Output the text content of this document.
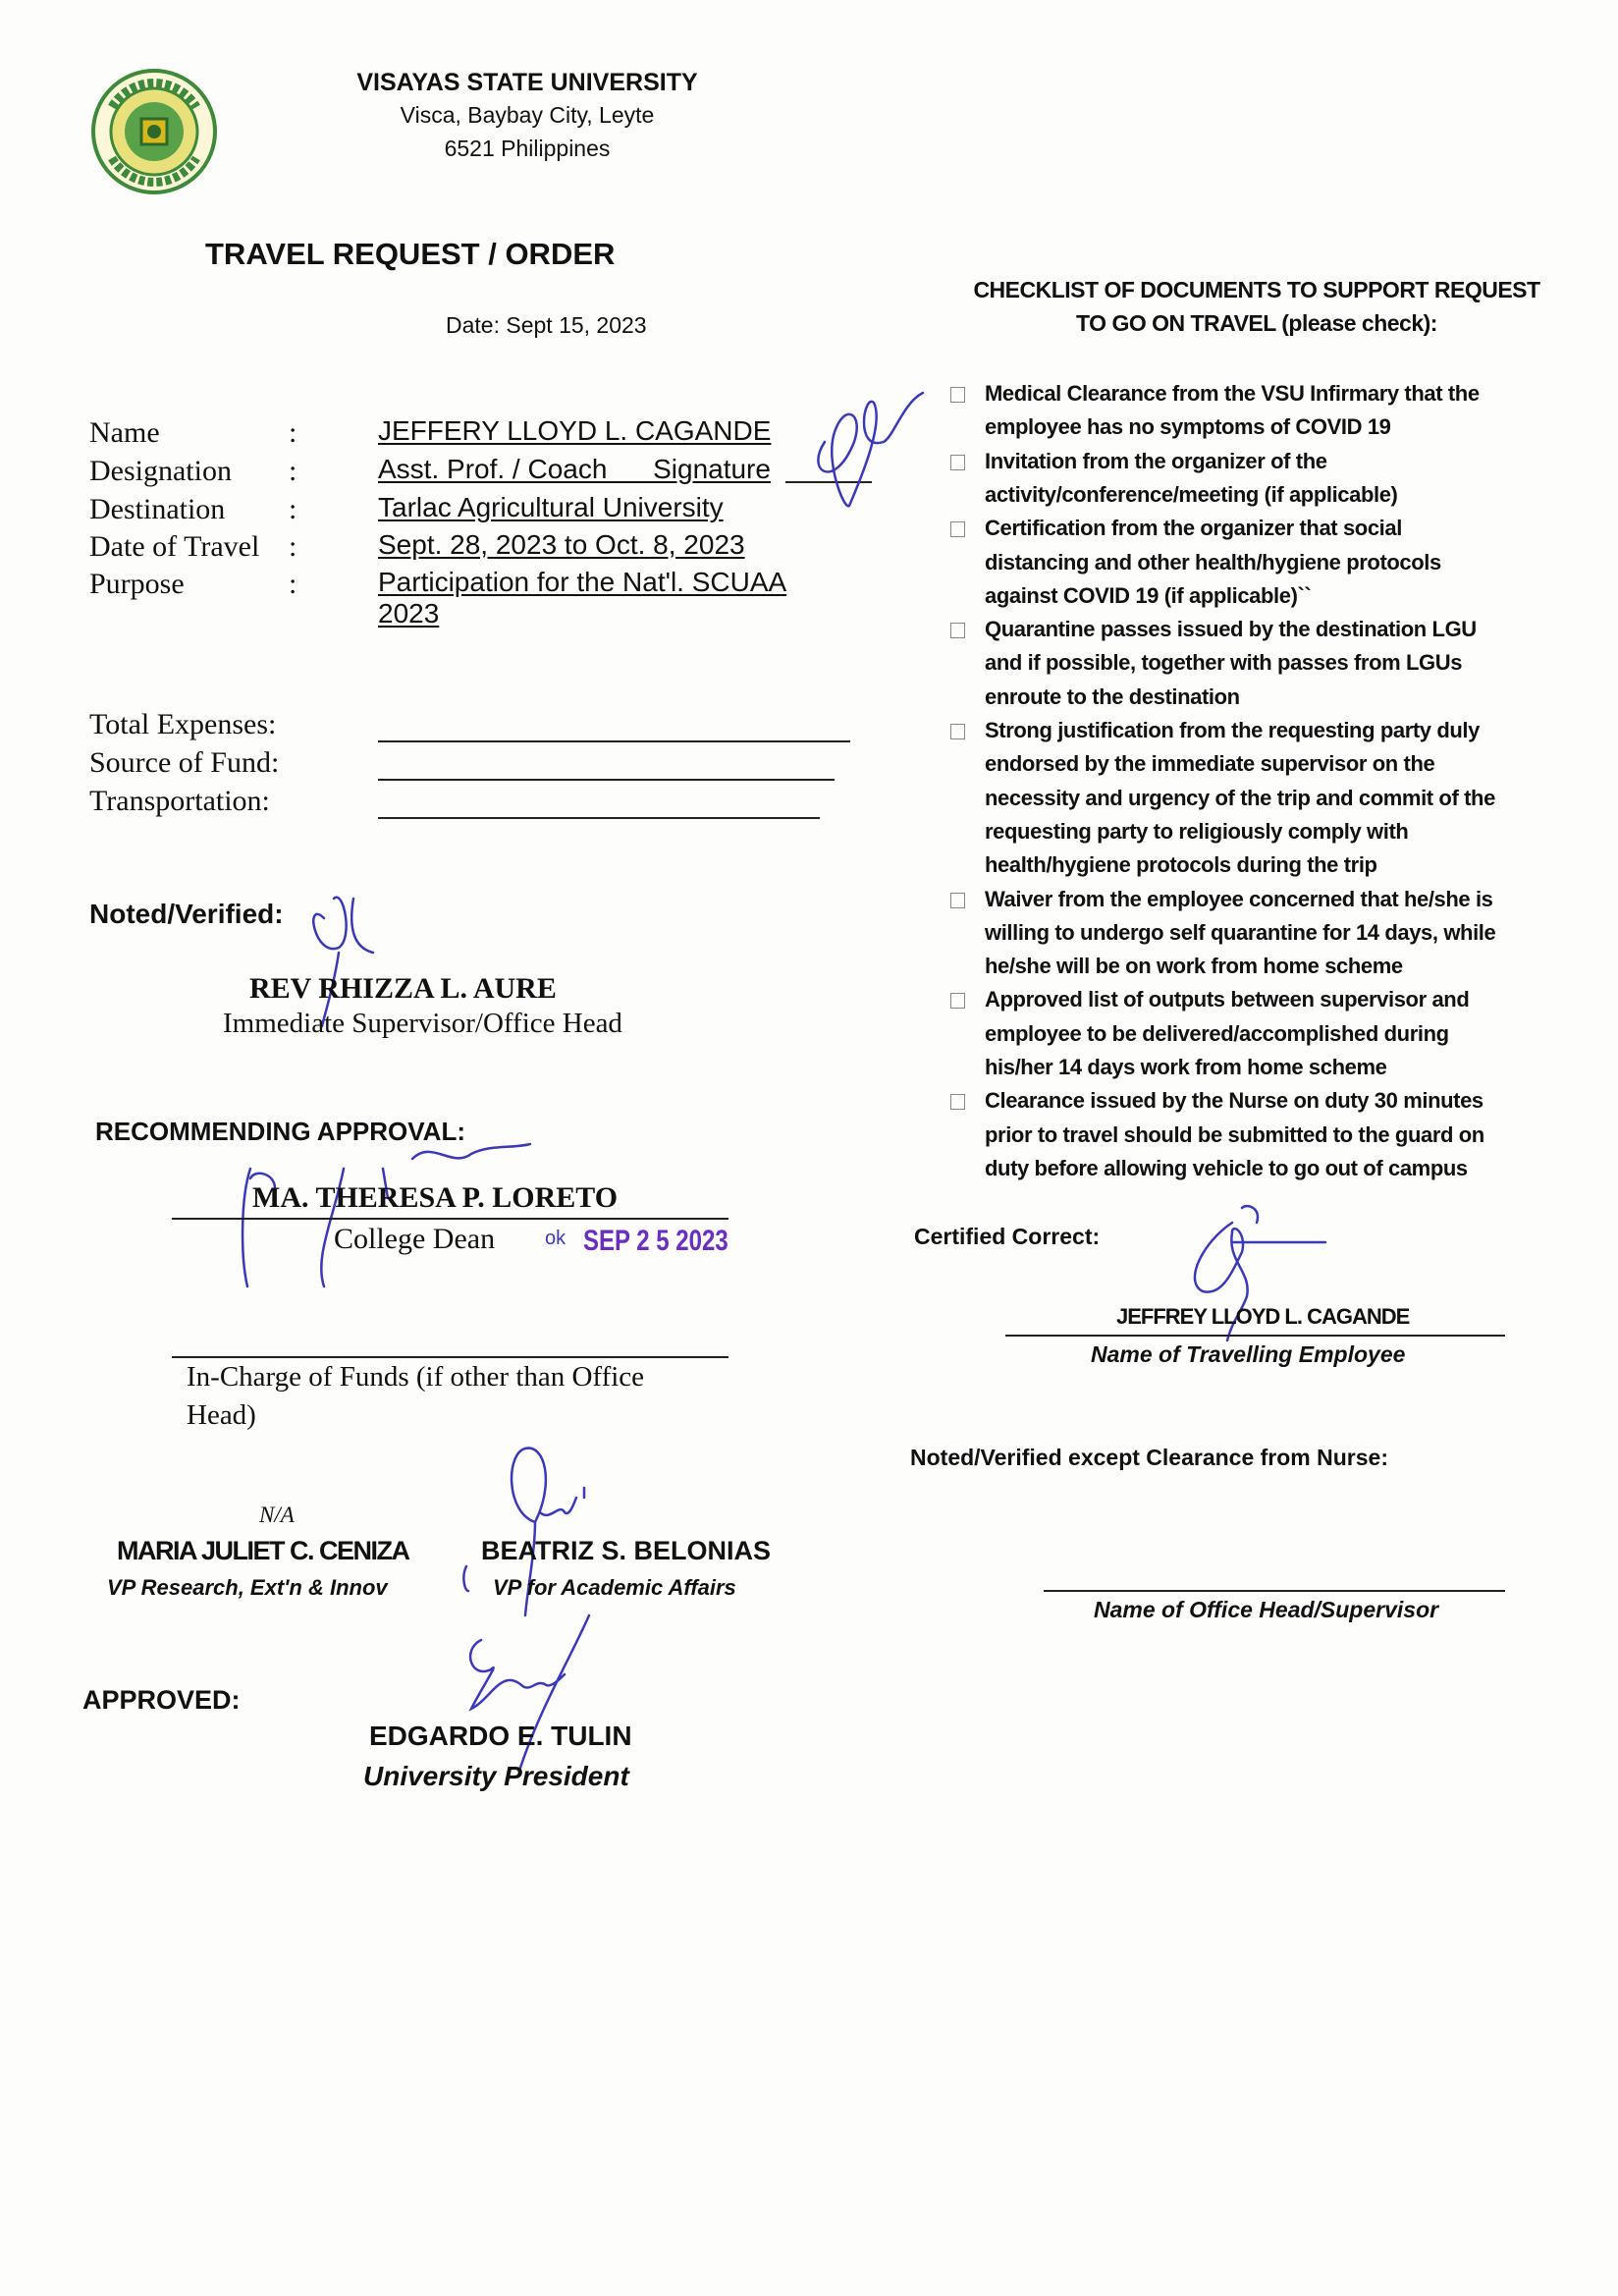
VISAYAS STATE UNIVERSITY
Visca, Baybay City, Leyte
6521 Philippines
TRAVEL REQUEST / ORDER
Date: Sept 15, 2023
Name	:	JEFFERY LLOYD L. CAGANDE
Designation :	Asst. Prof. / Coach      Signature
Destination :	Tarlac Agricultural University
Date of Travel :	Sept. 28, 2023 to Oct. 8, 2023
Purpose	:	Participation for the Nat'l. SCUAA
2023
Total Expenses:
Source of Fund:
Transportation:
Noted/Verified:
REV RHIZZA L. AURE
Immediate Supervisor/Office Head
RECOMMENDING APPROVAL:
MA. THERESA P. LORETO
College Dean	ok SEP 2 5 2023
In-Charge of Funds (if other than Office
Head)
N/A
MARIA JULIET C. CENIZA
VP Research, Ext'n & Innov
BEATRIZ S. BELONIAS
VP for Academic Affairs
APPROVED:
EDGARDO E. TULIN
University President
CHECKLIST OF DOCUMENTS TO SUPPORT REQUEST
TO GO ON TRAVEL (please check):
Medical Clearance from the VSU Infirmary that the
employee has no symptoms of COVID 19
Invitation from the organizer of the
activity/conference/meeting (if applicable)
Certification from the organizer that social
distancing and other health/hygiene protocols
against COVID 19 (if applicable)``
Quarantine passes issued by the destination LGU
and if possible, together with passes from LGUs
enroute to the destination
Strong justification from the requesting party duly
endorsed by the immediate supervisor on the
necessity and urgency of the trip and commit of the
requesting party to religiously comply with
health/hygiene protocols during the trip
Waiver from the employee concerned that he/she is
willing to undergo self quarantine for 14 days, while
he/she will be on work from home scheme
Approved list of outputs between supervisor and
employee to be delivered/accomplished during
his/her 14 days work from home scheme
Clearance issued by the Nurse on duty 30 minutes
prior to travel should be submitted to the guard on
duty before allowing vehicle to go out of campus
Certified Correct:
JEFFREY LLOYD L. CAGANDE
Name of Travelling Employee
Noted/Verified except Clearance from Nurse:
Name of Office Head/Supervisor
